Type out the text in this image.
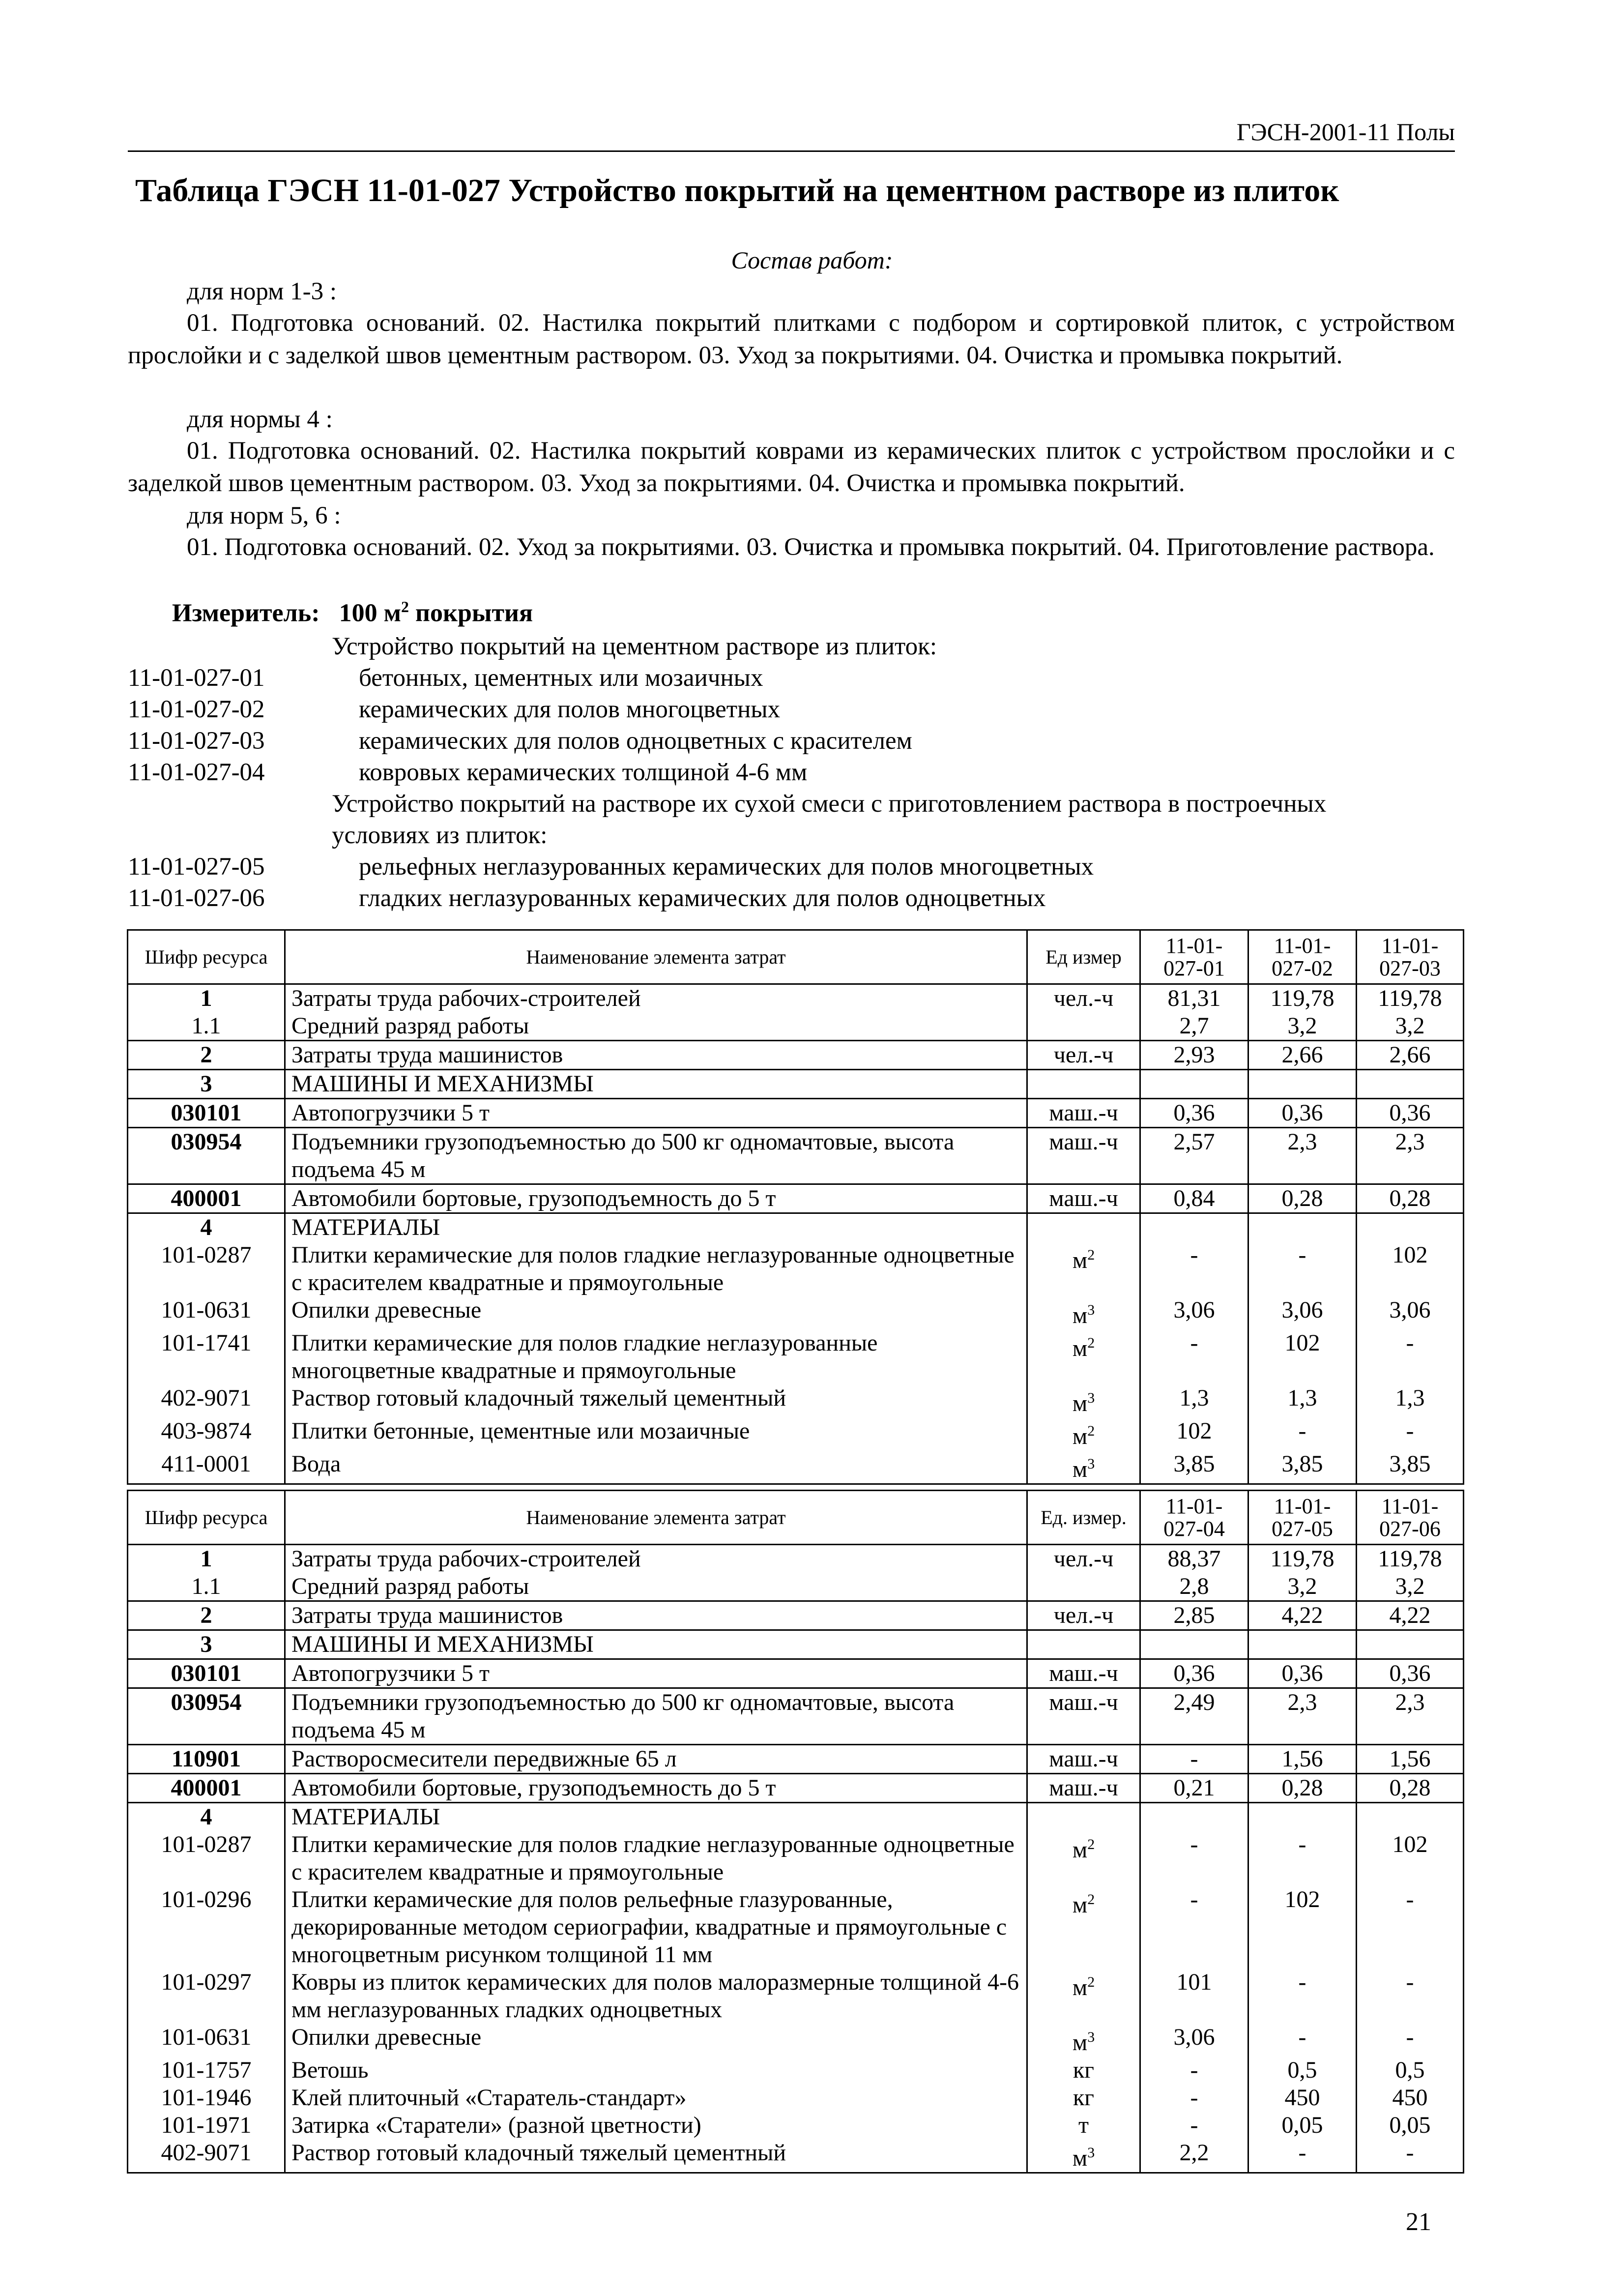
ГЭСН-2001-11 Полы
Таблица ГЭСН 11-01-027 Устройство покрытий на цементном растворе из плиток
Состав работ:
для норм 1-3 :
01. Подготовка оснований. 02. Настилка покрытий плитками с подбором и сортировкой плиток, с устройством прослойки и с заделкой швов цементным раствором. 03. Уход за покрытиями. 04. Очистка и промывка покрытий.
для нормы 4 :
01. Подготовка оснований. 02. Настилка покрытий коврами из керамических плиток с устройством прослойки и с заделкой швов цементным раствором. 03. Уход за покрытиями. 04. Очистка и промывка покрытий.
для норм 5, 6 :
01. Подготовка оснований. 02. Уход за покрытиями. 03. Очистка и промывка покрытий. 04. Приготовление раствора.
Измеритель: 100 $м^2$ покрытия
Устройство покрытий на цементном растворе из плиток:
11-01-027-01	бетонных, цементных или мозаичных
11-01-027-02	керамических для полов многоцветных
11-01-027-03	керамических для полов одноцветных с красителем
11-01-027-04	ковровых керамических толщиной 4-6 мм
Устройство покрытий на растворе их сухой смеси с приготовлением раствора в построечных
условиях из плиток:
11-01-027-05	рельефных неглазурованных керамических для полов многоцветных
11-01-027-06	гладких неглазурованных керамических для полов одноцветных
Шифр ресурса	Наименование элемента затрат	Ед измер	11-01-027-01	11-01-027-02	11-01-027-03
1	Затраты труда рабочих-строителей	чел.-ч	81,31	119,78	119,78
1.1	Средний разряд работы		2,7	3,2	3,2
2	Затраты труда машинистов	чел.-ч	2,93	2,66	2,66
3	МАШИНЫ И МЕХАНИЗМЫ				
030101	Автопогрузчики 5 т	маш.-ч	0,36	0,36	0,36
030954	Подъемники грузоподъемностью до 500 кг одномачтовые, высота подъема 45 м	маш.-ч	2,57	2,3	2,3
400001	Автомобили бортовые, грузоподъемность до 5 т	маш.-ч	0,84	0,28	0,28
4	МАТЕРИАЛЫ				
101-0287	Плитки керамические для полов гладкие неглазурованные одноцветные с красителем квадратные и прямоугольные	$м^2$	-	-	102
101-0631	Опилки древесные	$м^3$	3,06	3,06	3,06
101-1741	Плитки керамические для полов гладкие неглазурованные многоцветные квадратные и прямоугольные	$м^2$	-	102	-
402-9071	Раствор готовый кладочный тяжелый цементный	$м^3$	1,3	1,3	1,3
403-9874	Плитки бетонные, цементные или мозаичные	$м^2$	102	-	-
411-0001	Вода	$м^3$	3,85	3,85	3,85
Шифр ресурса	Наименование элемента затрат	Ед. измер.	11-01-027-04	11-01-027-05	11-01-027-06
1	Затраты труда рабочих-строителей	чел.-ч	88,37	119,78	119,78
1.1	Средний разряд работы		2,8	3,2	3,2
2	Затраты труда машинистов	чел.-ч	2,85	4,22	4,22
3	МАШИНЫ И МЕХАНИЗМЫ				
030101	Автопогрузчики 5 т	маш.-ч	0,36	0,36	0,36
030954	Подъемники грузоподъемностью до 500 кг одномачтовые, высота подъема 45 м	маш.-ч	2,49	2,3	2,3
110901	Растворосмесители передвижные 65 л	маш.-ч	-	1,56	1,56
400001	Автомобили бортовые, грузоподъемность до 5 т	маш.-ч	0,21	0,28	0,28
4	МАТЕРИАЛЫ				
101-0287	Плитки керамические для полов гладкие неглазурованные одноцветные с красителем квадратные и прямоугольные	$м^2$	-	-	102
101-0296	Плитки керамические для полов рельефные глазурованные, декорированные методом сериографии, квадратные и прямоугольные с многоцветным рисунком толщиной 11 мм	$м^2$	-	102	-
101-0297	Ковры из плиток керамических для полов малоразмерные толщиной 4-6 мм неглазурованных гладких одноцветных	$м^2$	101	-	-
101-0631	Опилки древесные	$м^3$	3,06	-	-
101-1757	Ветошь	кг	-	0,5	0,5
101-1946	Клей плиточный «Старатель-стандарт»	кг	-	450	450
101-1971	Затирка «Старатели» (разной цветности)	т	-	0,05	0,05
402-9071	Раствор готовый кладочный тяжелый цементный	$м^3$	2,2	-	-
21
